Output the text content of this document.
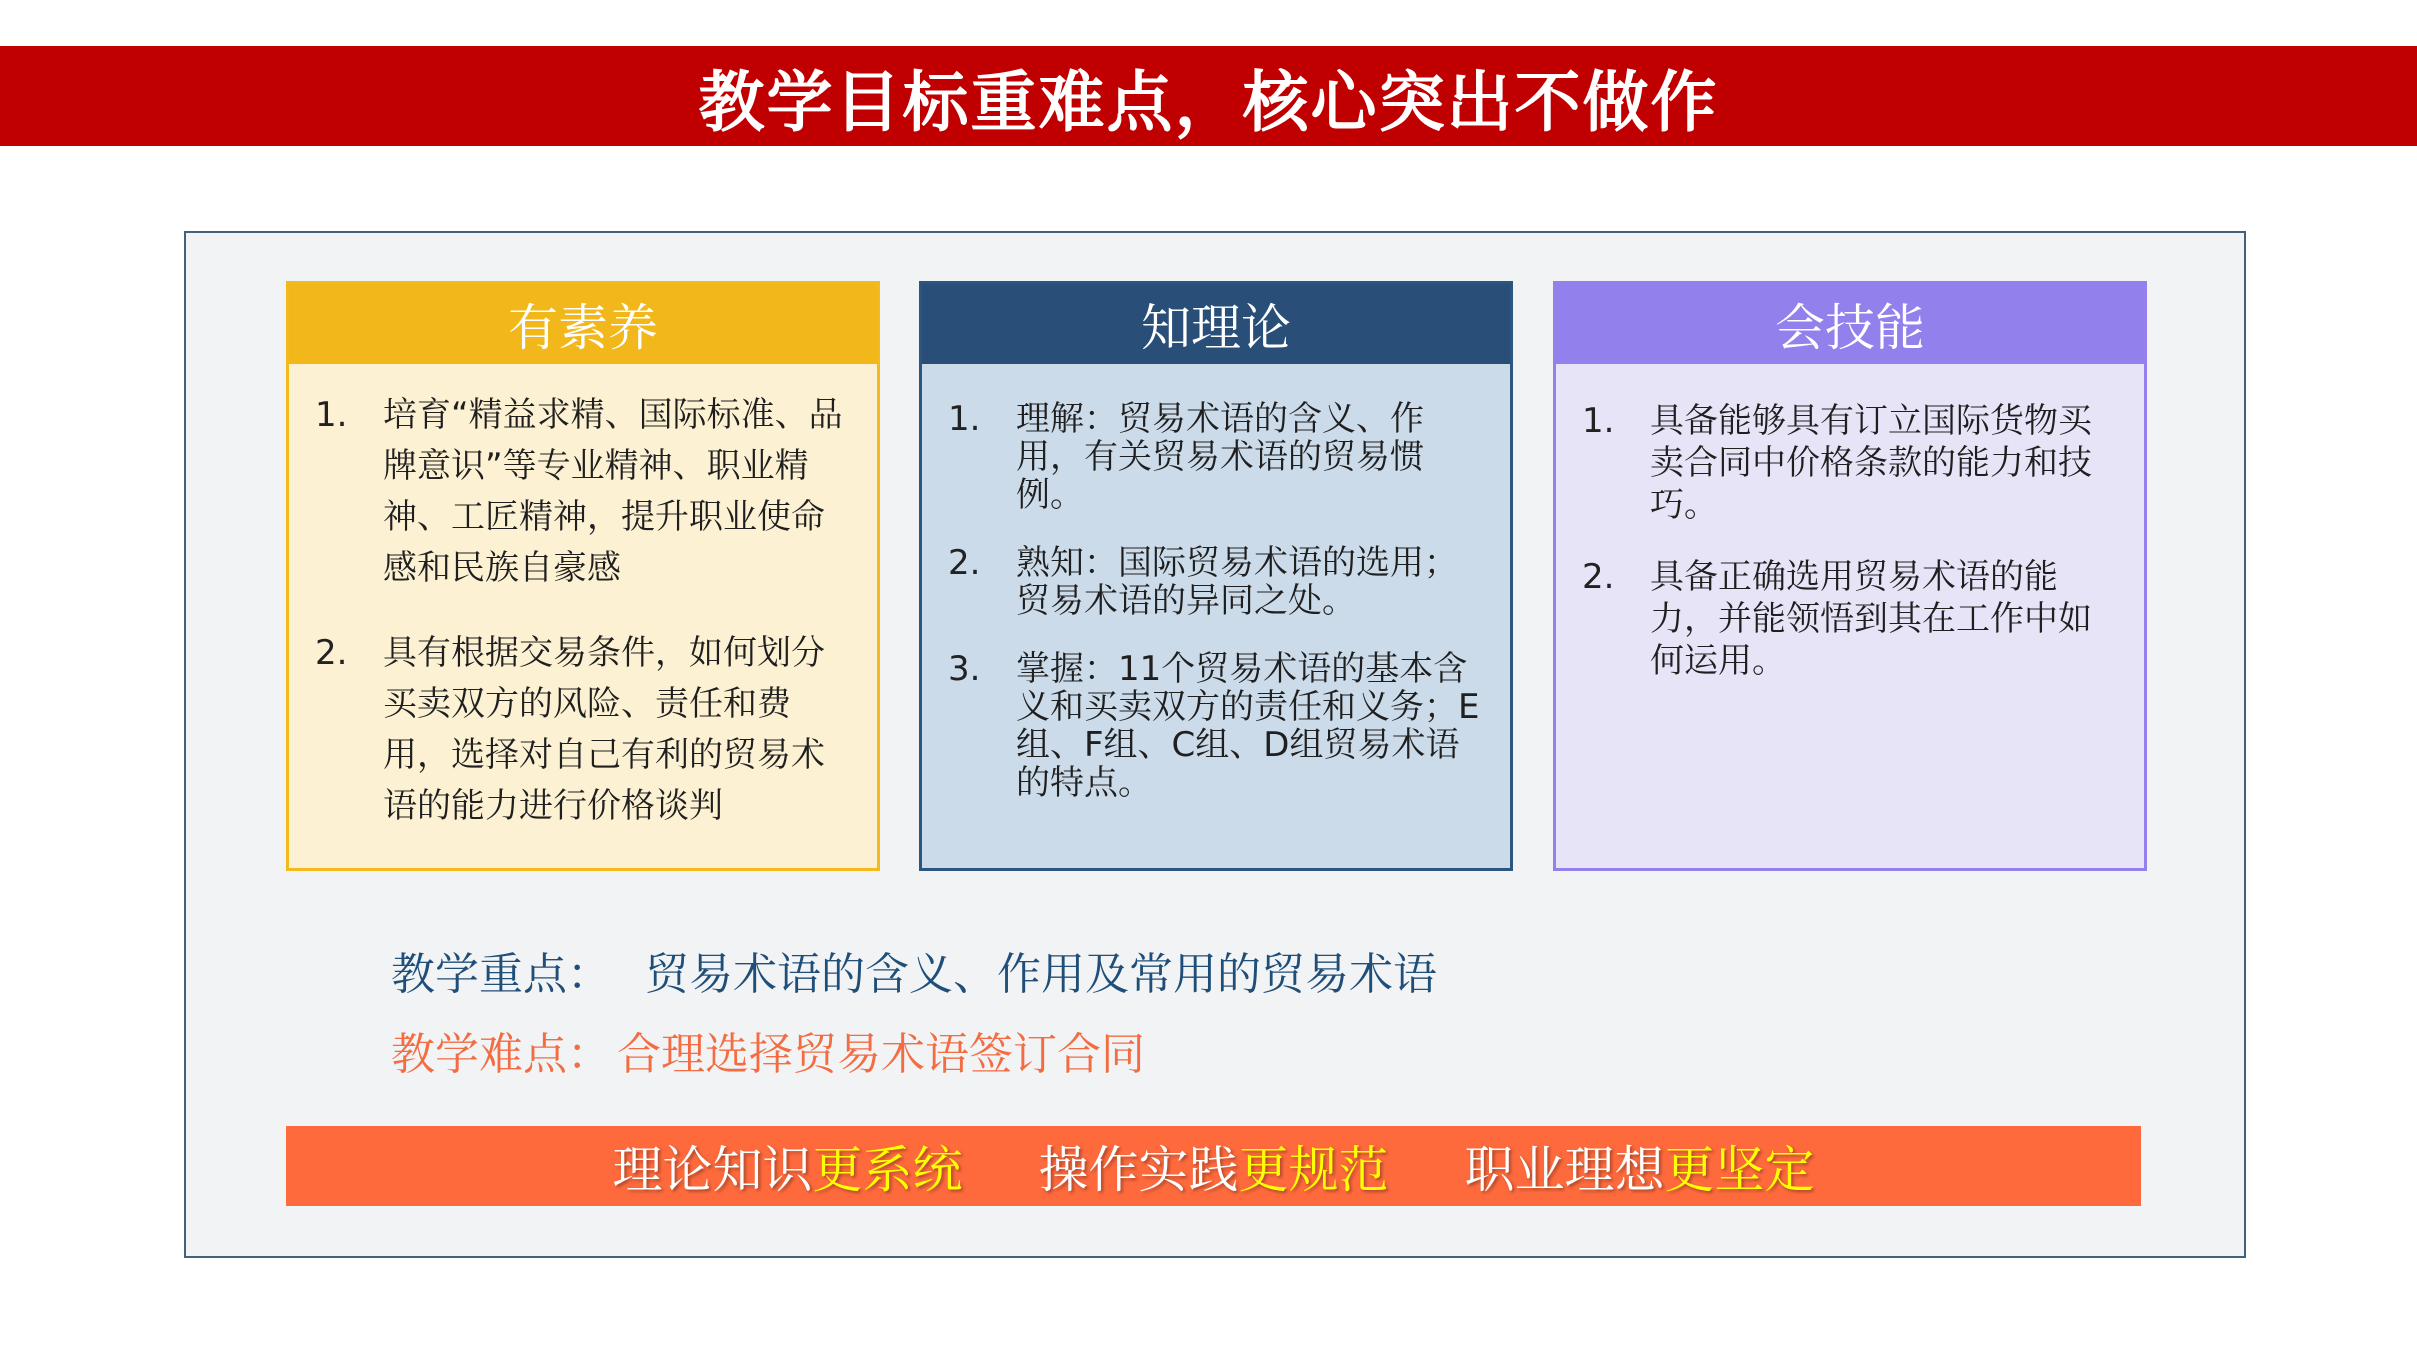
教学目标重难点，核心突出不做作
有素养
1.	培育“精益求精、国际标准、品牌意识”等专业精神、职业精神、工匠精神，提升职业使命感和民族自豪感
2.	具有根据交易条件，如何划分买卖双方的风险、责任和费用，选择对自己有利的贸易术语的能力进行价格谈判
知理论
1.	理解：贸易术语的含义、作用，有关贸易术语的贸易惯例。
2.	熟知：国际贸易术语的选用；贸易术语的异同之处。
3.	掌握：11个贸易术语的基本含义和买卖双方的责任和义务；E组、F组、C组、D组贸易术语的特点。
会技能
1.	具备能够具有订立国际货物买卖合同中价格条款的能力和技巧。
2.	具备正确选用贸易术语的能力，并能领悟到其在工作中如何运用。
教学重点： 贸易术语的含义、作用及常用的贸易术语
教学难点： 合理选择贸易术语签订合同
理论知识更系统 操作实践更规范 职业理想更坚定
